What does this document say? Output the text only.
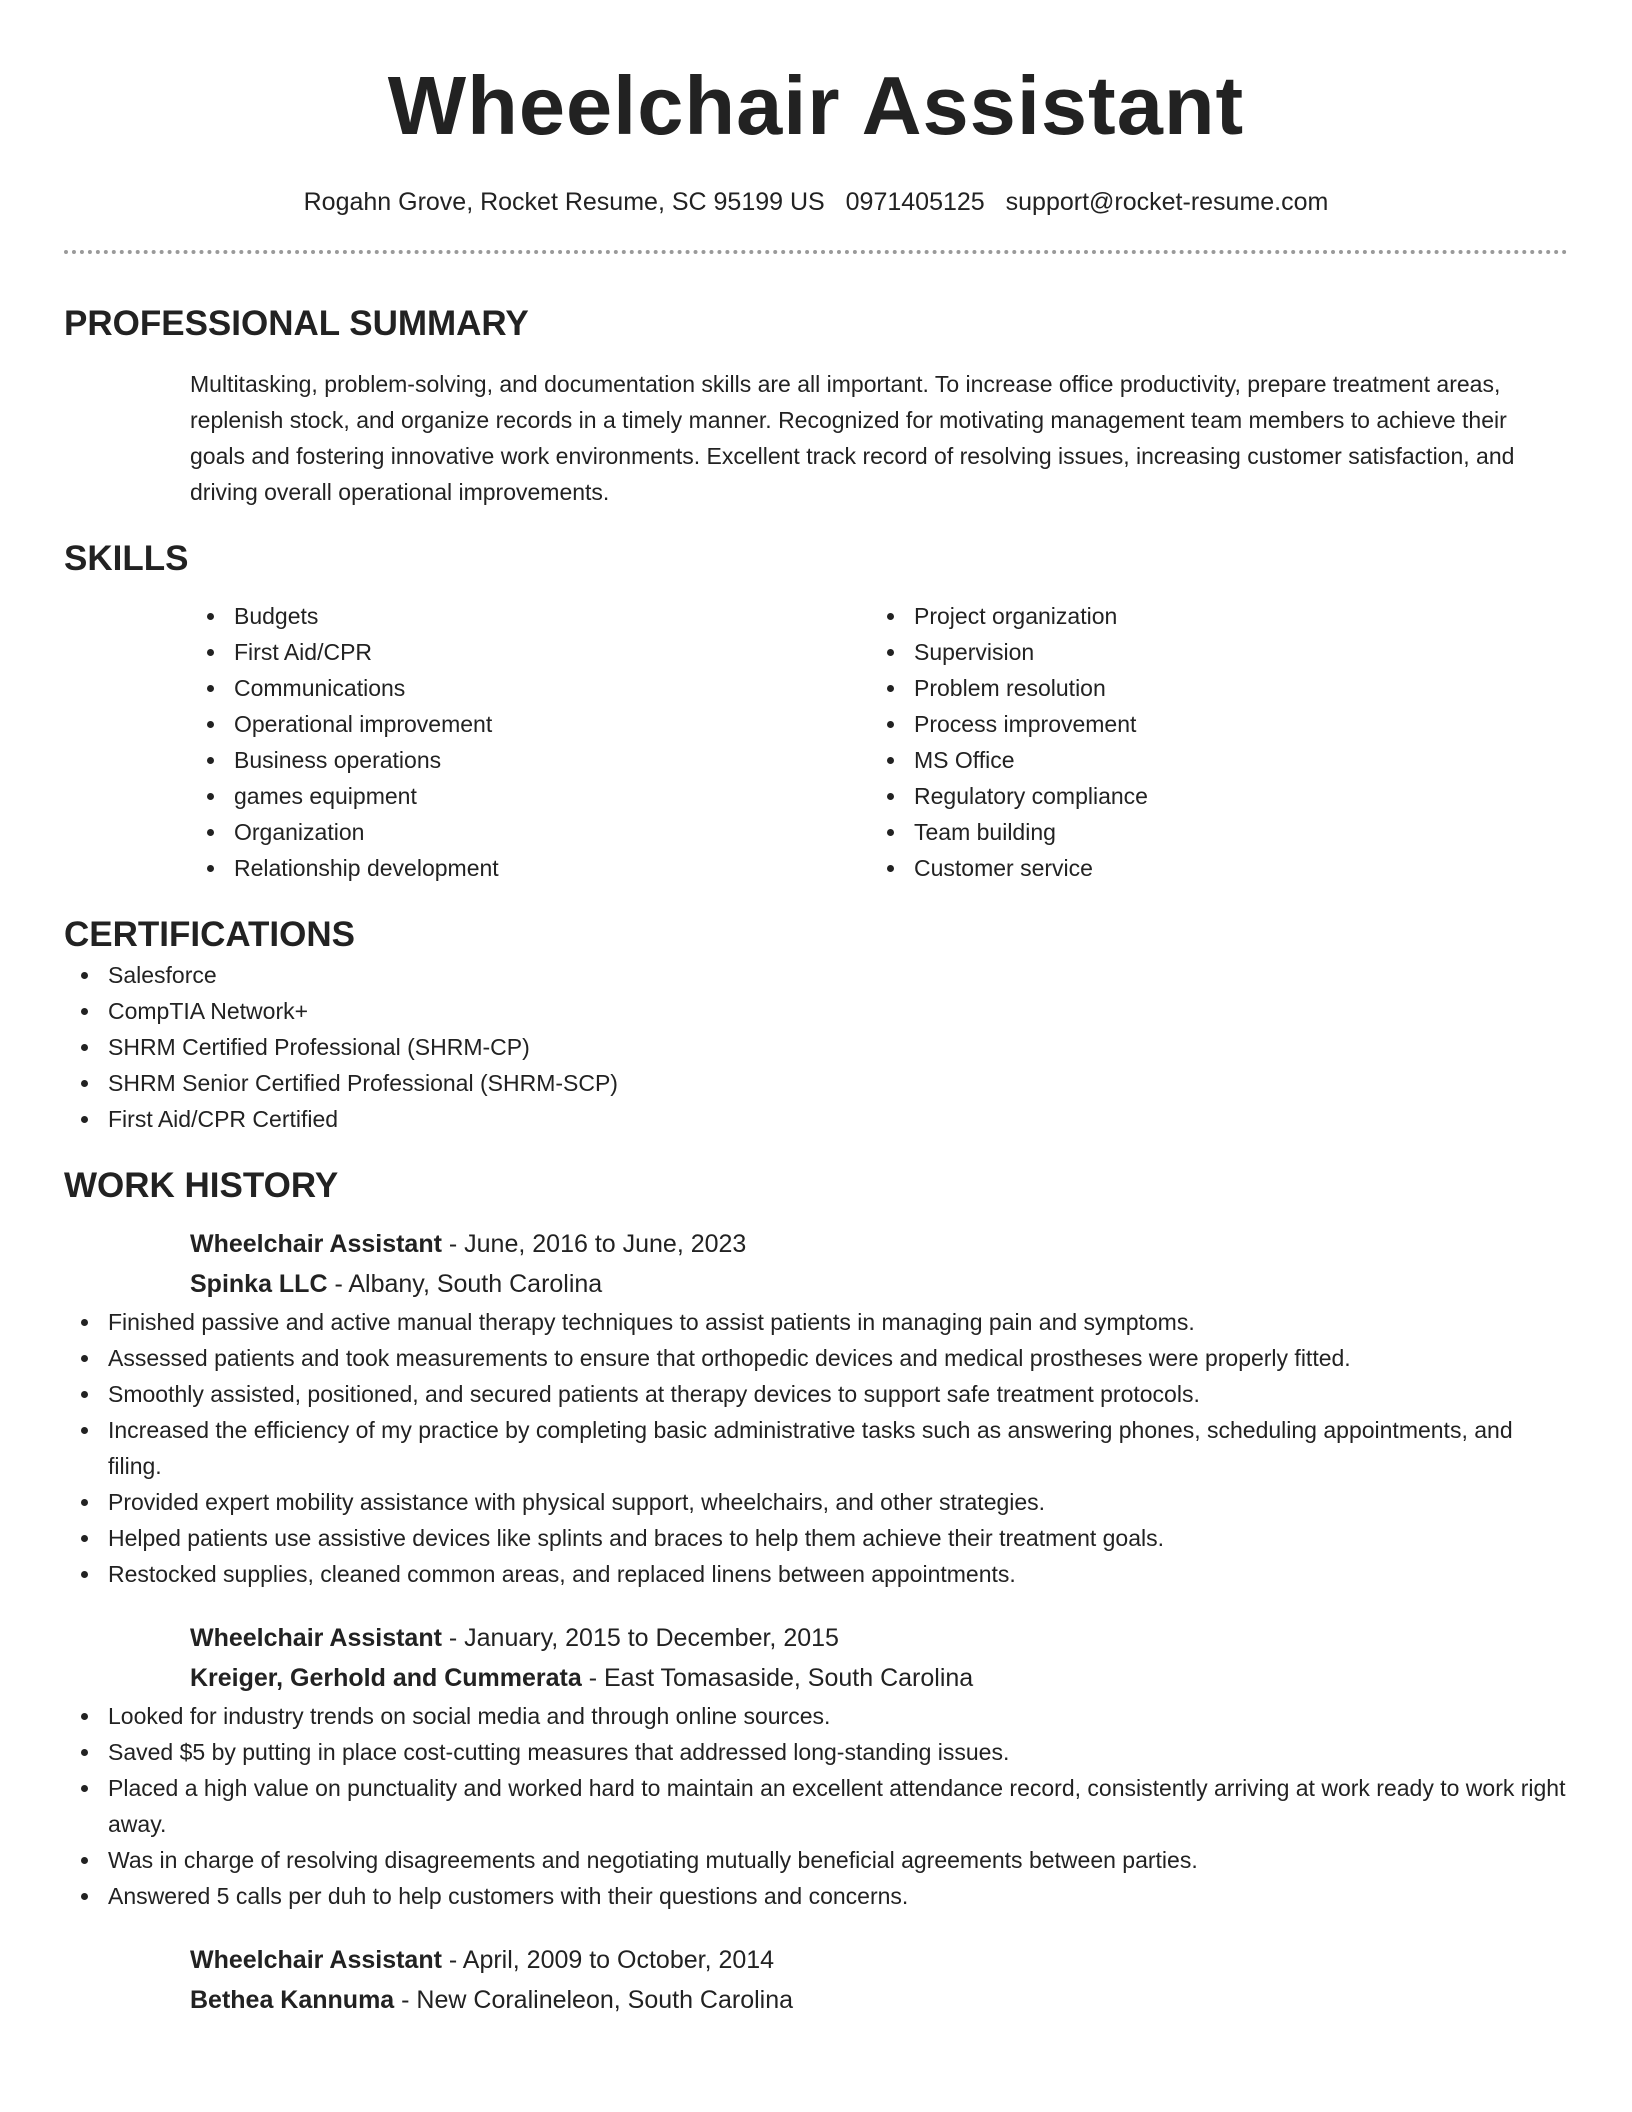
Wheelchair Assistant
Rogahn Grove, Rocket Resume, SC 95199 US 0971405125 support@rocket-resume.com
PROFESSIONAL SUMMARY
Multitasking, problem-solving, and documentation skills are all important. To increase office productivity, prepare treatment areas, replenish stock, and organize records in a timely manner. Recognized for motivating management team members to achieve their goals and fostering innovative work environments. Excellent track record of resolving issues, increasing customer satisfaction, and driving overall operational improvements.
SKILLS
Budgets
First Aid/CPR
Communications
Operational improvement
Business operations
games equipment
Organization
Relationship development
Project organization
Supervision
Problem resolution
Process improvement
MS Office
Regulatory compliance
Team building
Customer service
CERTIFICATIONS
Salesforce
CompTIA Network+
SHRM Certified Professional (SHRM-CP)
SHRM Senior Certified Professional (SHRM-SCP)
First Aid/CPR Certified
WORK HISTORY
Wheelchair Assistant - June, 2016 to June, 2023
Spinka LLC - Albany, South Carolina
Finished passive and active manual therapy techniques to assist patients in managing pain and symptoms.
Assessed patients and took measurements to ensure that orthopedic devices and medical prostheses were properly fitted.
Smoothly assisted, positioned, and secured patients at therapy devices to support safe treatment protocols.
Increased the efficiency of my practice by completing basic administrative tasks such as answering phones, scheduling appointments, and filing.
Provided expert mobility assistance with physical support, wheelchairs, and other strategies.
Helped patients use assistive devices like splints and braces to help them achieve their treatment goals.
Restocked supplies, cleaned common areas, and replaced linens between appointments.
Wheelchair Assistant - January, 2015 to December, 2015
Kreiger, Gerhold and Cummerata - East Tomasaside, South Carolina
Looked for industry trends on social media and through online sources.
Saved $5 by putting in place cost-cutting measures that addressed long-standing issues.
Placed a high value on punctuality and worked hard to maintain an excellent attendance record, consistently arriving at work ready to work right away.
Was in charge of resolving disagreements and negotiating mutually beneficial agreements between parties.
Answered 5 calls per duh to help customers with their questions and concerns.
Wheelchair Assistant - April, 2009 to October, 2014
Bethea Kannuma - New Coralineleon, South Carolina
